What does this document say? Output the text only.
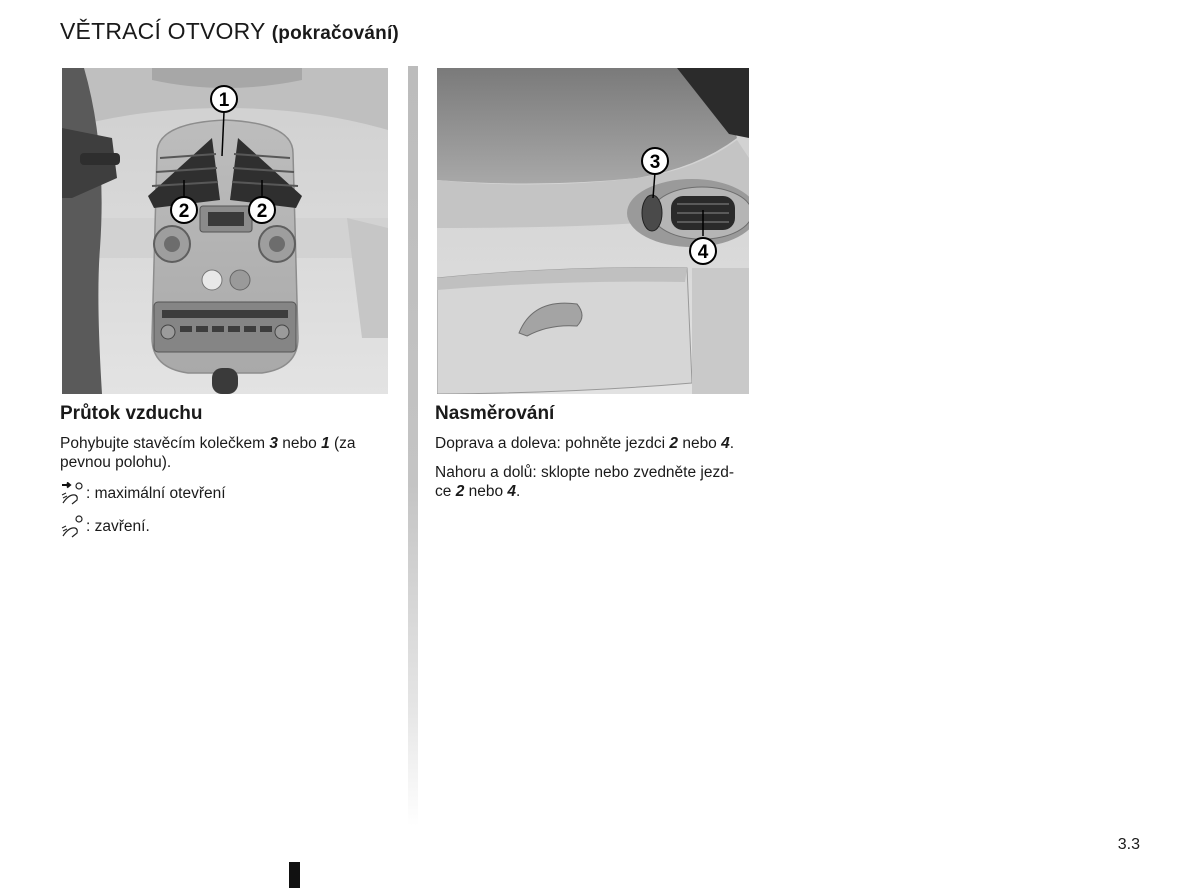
VĚTRACÍ OTVORY (pokračování)
1
2	2
3
4
Průtok vzduchu

Pohybujte stavěcím kolečkem 3 nebo 1 (za pevnou polohu).

: maximální otevření
: zavření.
Nasměrování

Doprava a doleva: pohněte jezdci 2 nebo 4.

Nahoru a dolů: sklopte nebo zvedněte jezd-
ce 2 nebo 4.

3.3
